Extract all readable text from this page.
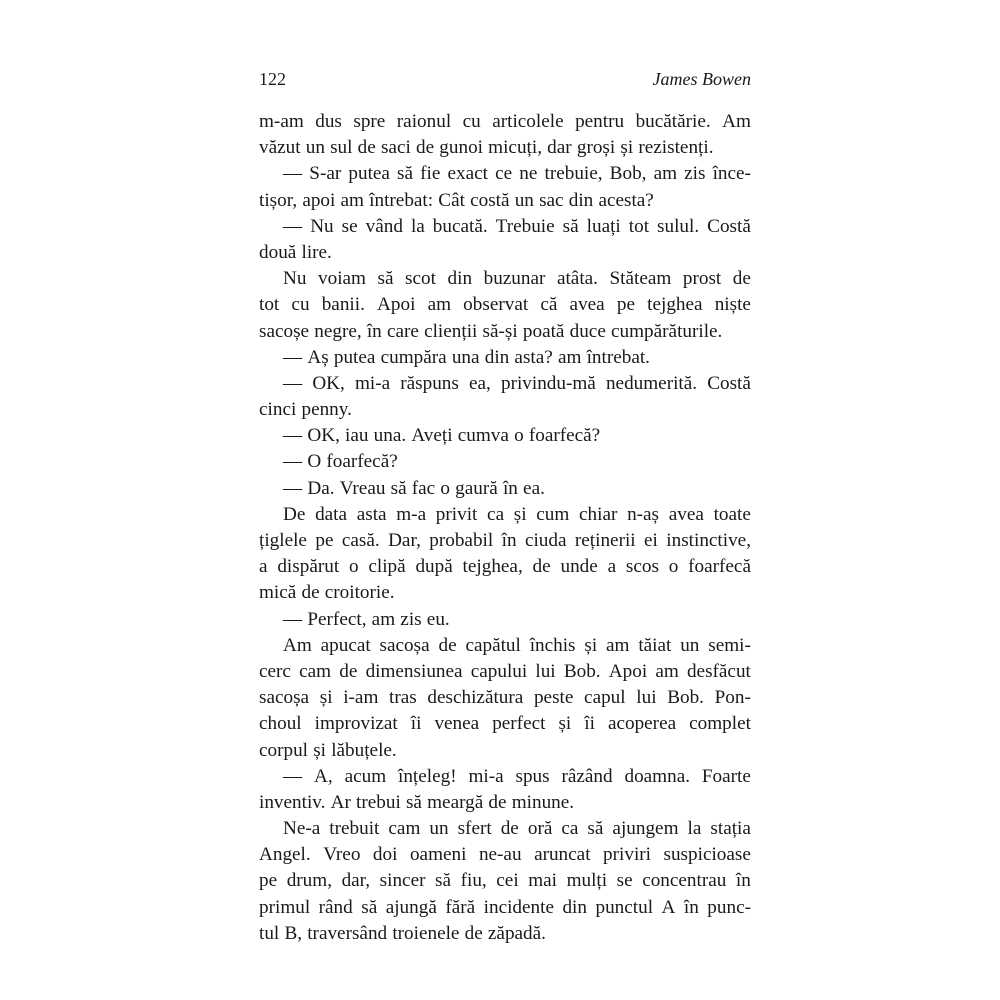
122	James Bowen
m-am dus spre raionul cu articolele pentru bucătărie. Am
văzut un sul de saci de gunoi micuți, dar groși și rezistenți.
— S-ar putea să fie exact ce ne trebuie, Bob, am zis înce-
tișor, apoi am întrebat: Cât costă un sac din acesta?
— Nu se vând la bucată. Trebuie să luați tot sulul. Costă
două lire.
Nu voiam să scot din buzunar atâta. Stăteam prost de
tot cu banii. Apoi am observat că avea pe tejghea niște
sacoșe negre, în care clienții să-și poată duce cumpărăturile.
— Aș putea cumpăra una din asta? am întrebat.
— OK, mi-a răspuns ea, privindu-mă nedumerită. Costă
cinci penny.
— OK, iau una. Aveți cumva o foarfecă?
— O foarfecă?
— Da. Vreau să fac o gaură în ea.
De data asta m-a privit ca și cum chiar n-aș avea toate
țiglele pe casă. Dar, probabil în ciuda reținerii ei instinctive,
a dispărut o clipă după tejghea, de unde a scos o foarfecă
mică de croitorie.
— Perfect, am zis eu.
Am apucat sacoșa de capătul închis și am tăiat un semi-
cerc cam de dimensiunea capului lui Bob. Apoi am desfăcut
sacoșa și i-am tras deschizătura peste capul lui Bob. Pon-
choul improvizat îi venea perfect și îi acoperea complet
corpul și lăbuțele.
— A, acum înțeleg! mi-a spus râzând doamna. Foarte
inventiv. Ar trebui să meargă de minune.
Ne-a trebuit cam un sfert de oră ca să ajungem la stația
Angel. Vreo doi oameni ne-au aruncat priviri suspicioase
pe drum, dar, sincer să fiu, cei mai mulți se concentrau în
primul rând să ajungă fără incidente din punctul A în punc-
tul B, traversând troienele de zăpadă.
